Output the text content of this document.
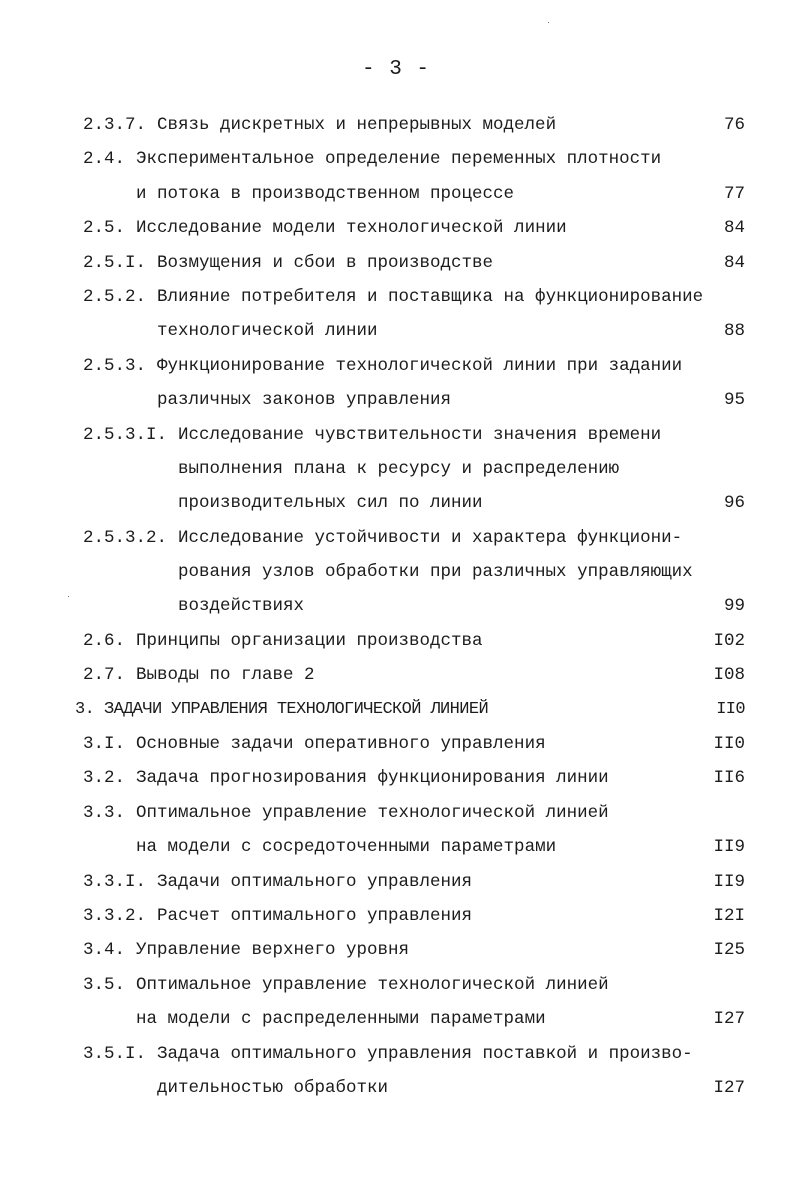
- 3 -
2.3.7. Связь дискретных и непрерывных моделей	76
2.4. Экспериментальное определение переменных плотности
и потока в производственном процессе	77
2.5. Исследование модели технологической линии	84
2.5.I. Возмущения и сбои в производстве	84
2.5.2. Влияние потребителя и поставщика на функционирование
технологической линии	88
2.5.3. Функционирование технологической линии при задании
различных законов управления	95
2.5.3.I. Исследование чувствительности значения времени
выполнения плана к ресурсу и распределению
производительных сил по линии	96
2.5.3.2. Исследование устойчивости и характера функциони-
рования узлов обработки при различных управляющих
воздействиях	99
2.6. Принципы организации производства	I02
2.7. Выводы по главе 2	I08
3. ЗАДАЧИ УПРАВЛЕНИЯ ТЕХНОЛОГИЧЕСКОЙ ЛИНИЕЙ	II0
3.I. Основные задачи оперативного управления	II0
3.2. Задача прогнозирования функционирования линии	II6
3.3. Оптимальное управление технологической линией
на модели с сосредоточенными параметрами	II9
3.3.I. Задачи оптимального управления	II9
3.3.2. Расчет оптимального управления	I2I
3.4. Управление верхнего уровня	I25
3.5. Оптимальное управление технологической линией
на модели с распределенными параметрами	I27
3.5.I. Задача оптимального управления поставкой и произво-
дительностью обработки	I27
